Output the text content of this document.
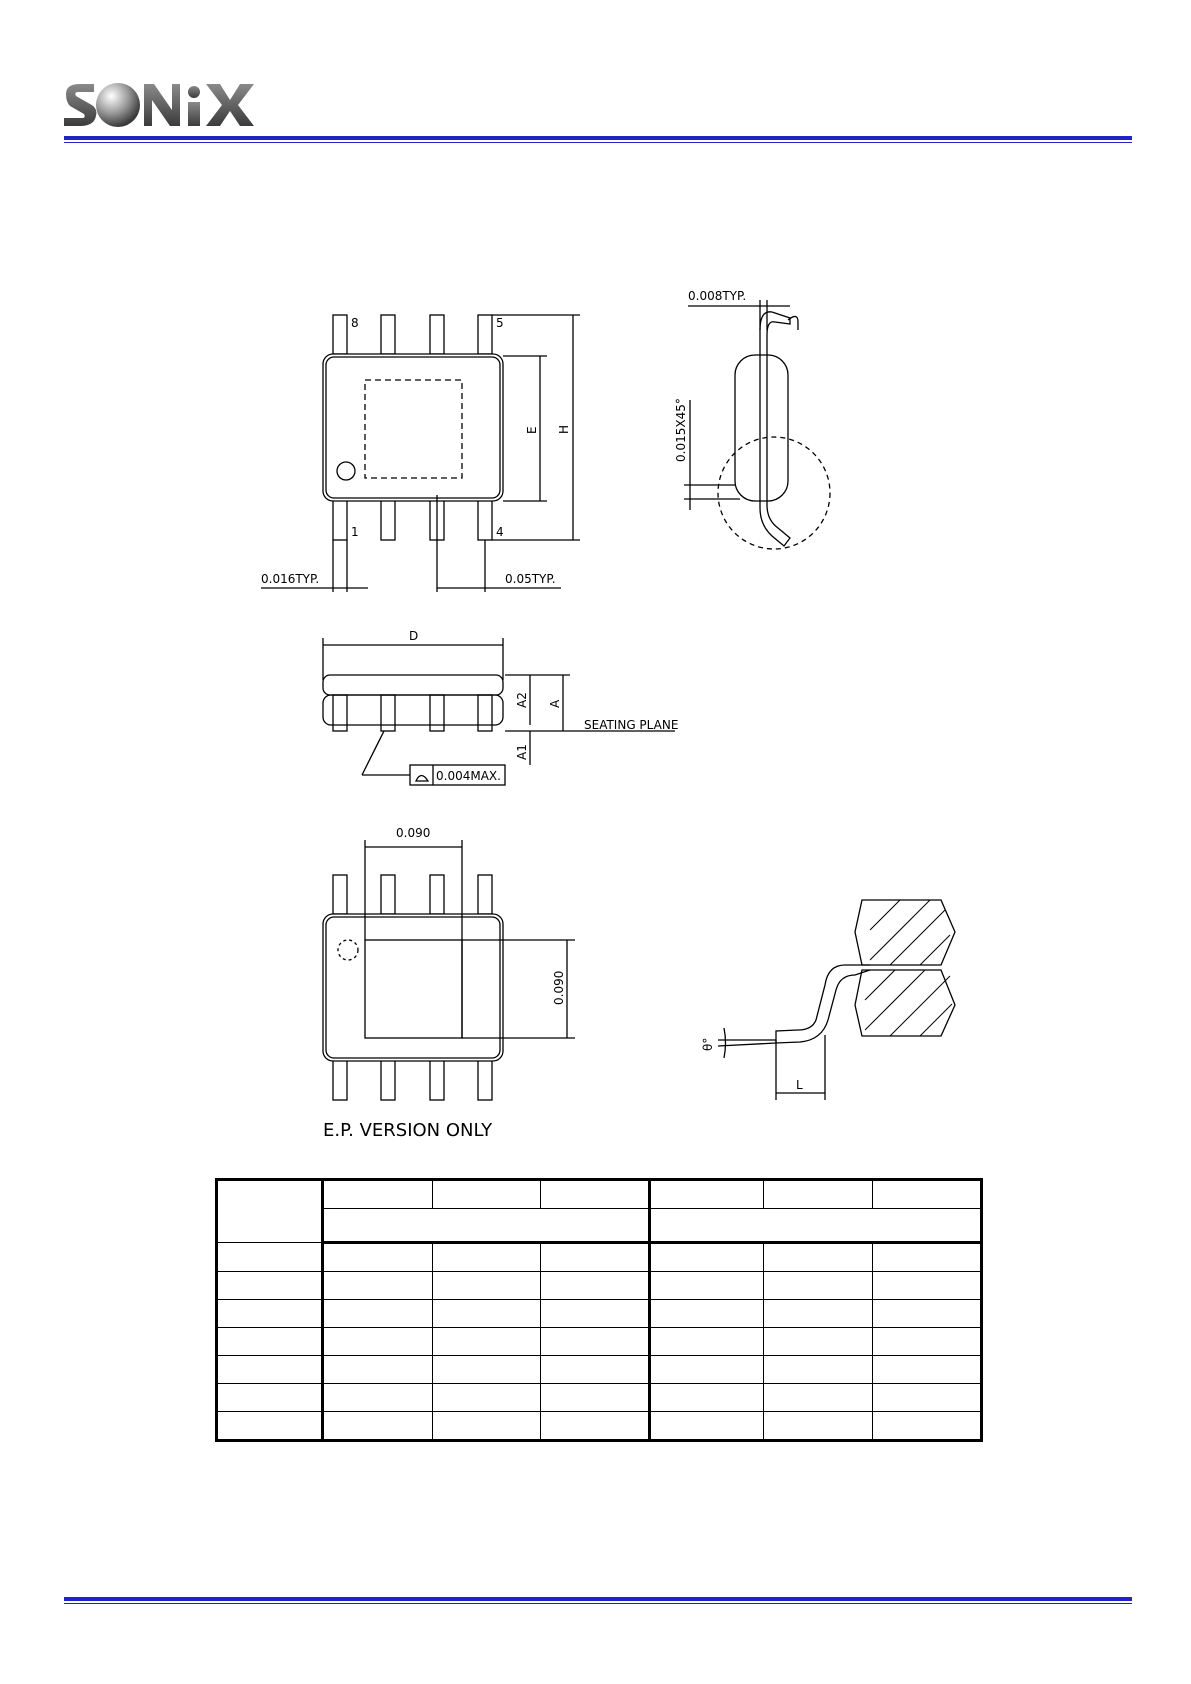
8	5
1	4
E H
0.016TYP.	0.05TYP.
0.008TYP.
0.015X45°
D
A2 A
A1
SEATING PLANE
0.004MAX.
0.090
0.090
θ°
L
E.P. VERSION ONLY
